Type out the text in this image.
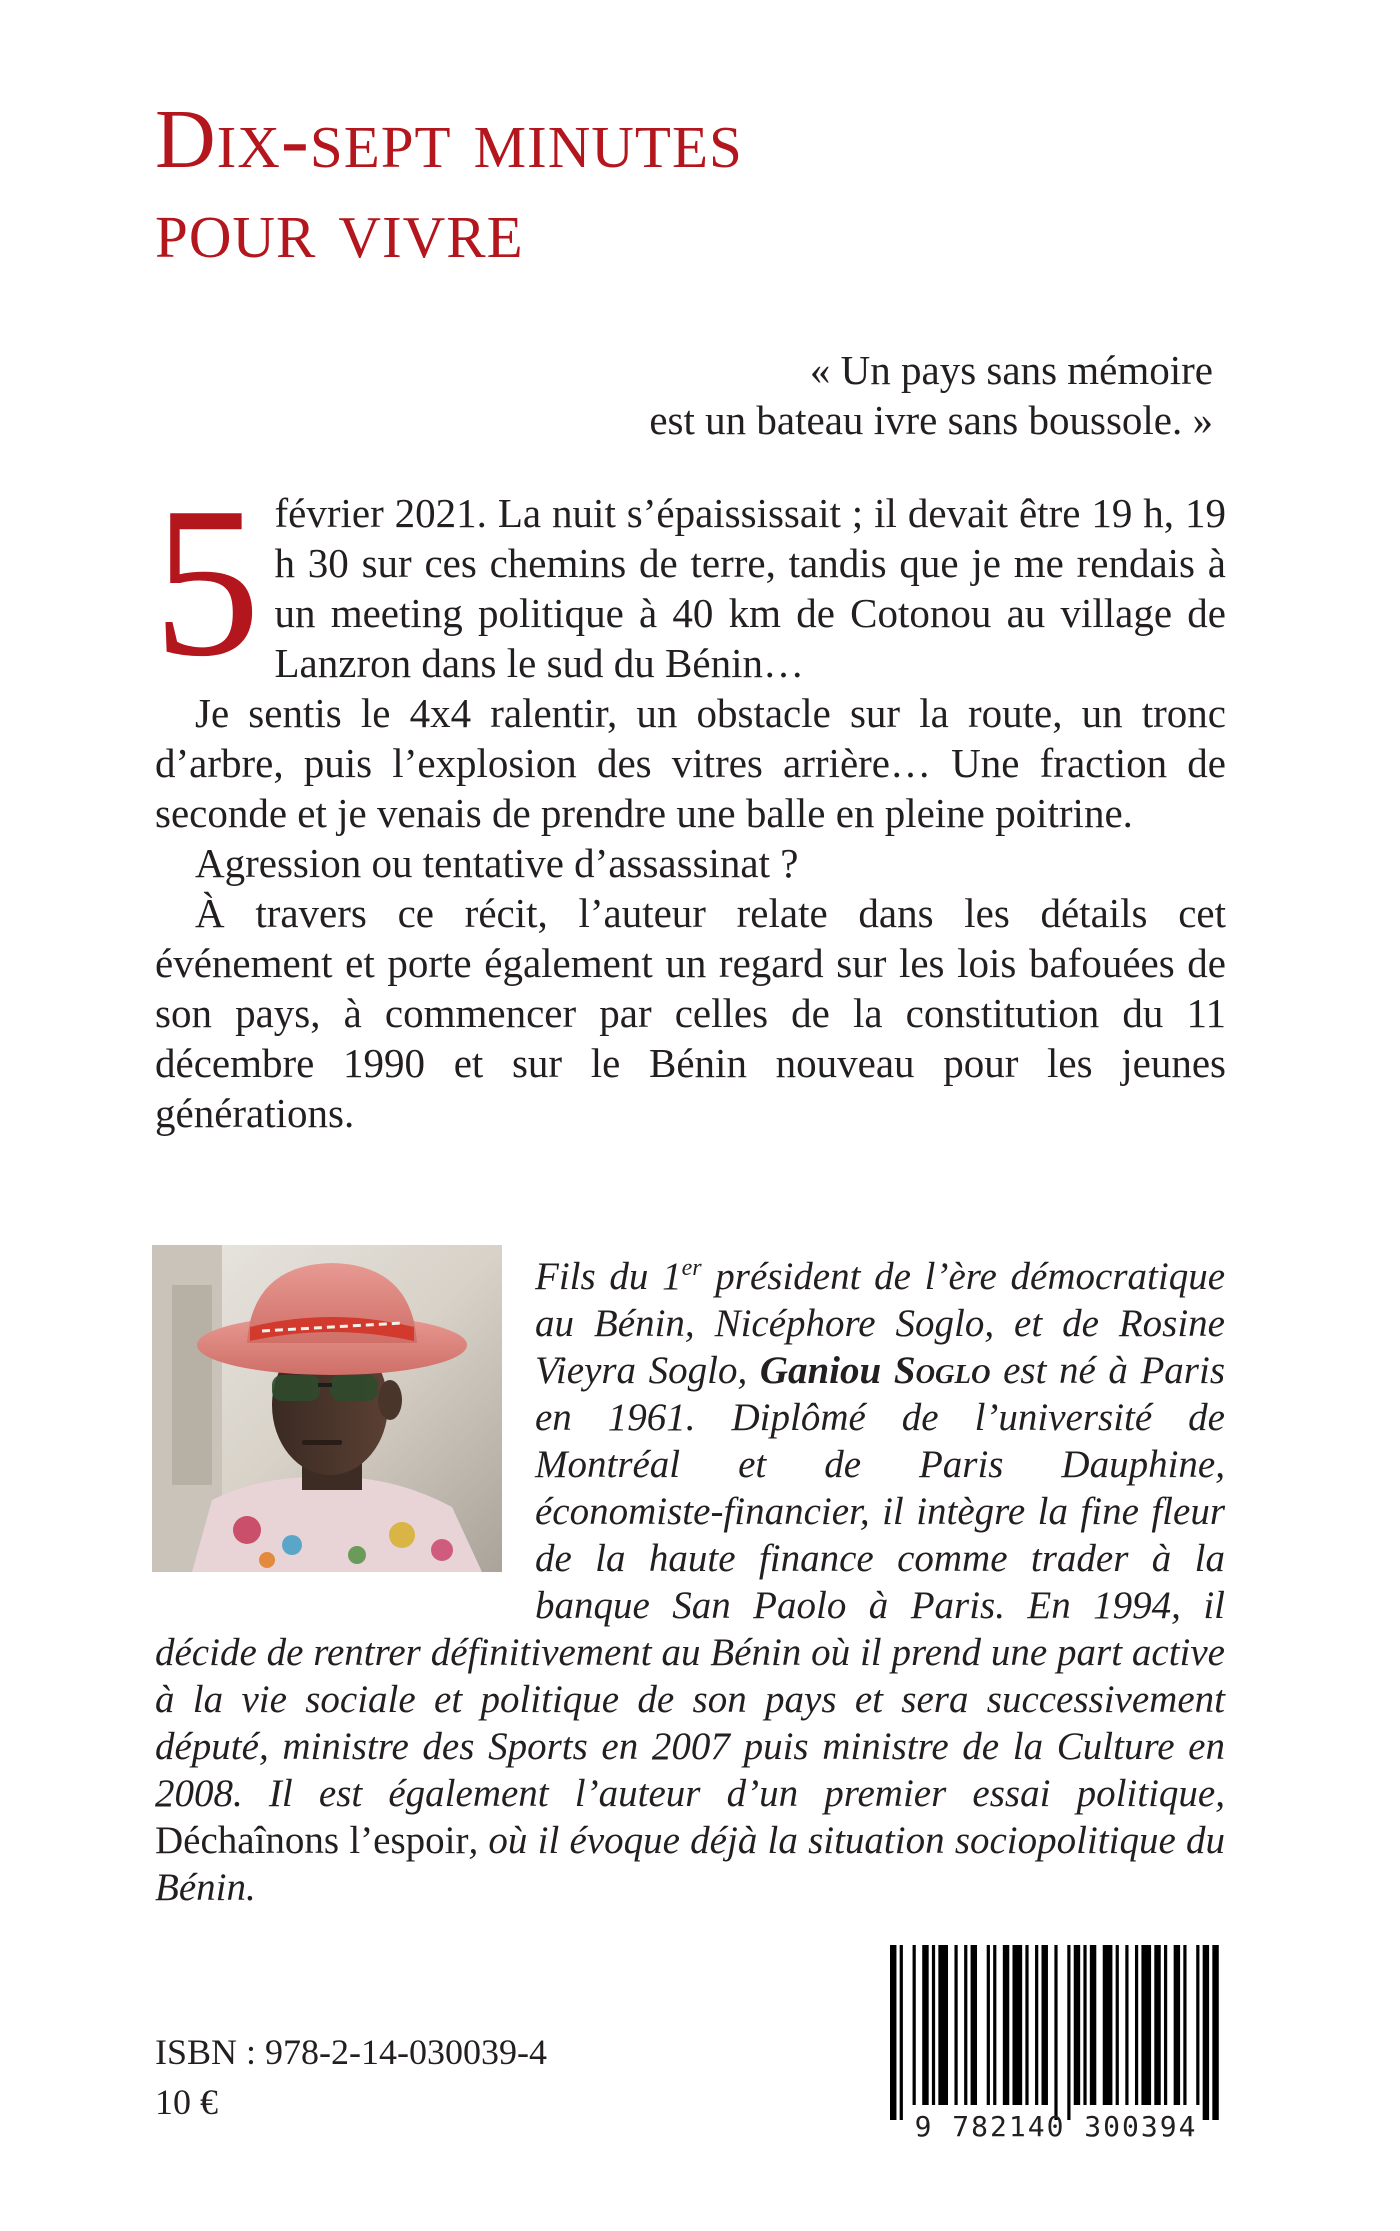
Dix-sept minutes
pour vivre
« Un pays sans mémoire
est un bateau ivre sans boussole. »

5 février 2021. La nuit s’épaississait ; il devait être 19 h, 19 h 30 sur ces chemins de terre, tandis que je me rendais à un meeting politique à 40 km de Cotonou au village de Lanzron dans le sud du Bénin…

Je sentis le 4x4 ralentir, un obstacle sur la route, un tronc d’arbre, puis l’explosion des vitres arrière… Une fraction de seconde et je venais de prendre une balle en pleine poitrine.

Agression ou tentative d’assassinat ?

À travers ce récit, l’auteur relate dans les détails cet événement et porte également un regard sur les lois bafouées de son pays, à commencer par celles de la constitution du 11 décembre 1990 et sur le Bénin nouveau pour les jeunes générations.

Fils du 1er président de l’ère démocratique au Bénin, Nicéphore Soglo, et de Rosine Vieyra Soglo, Ganiou Soglo est né à Paris en 1961. Diplômé de l’université de Montréal et de Paris Dauphine, économiste-financier, il intègre la fine fleur de la haute finance comme trader à la banque San Paolo à Paris. En 1994, il décide de rentrer définitivement au Bénin où il prend une part active à la vie sociale et politique de son pays et sera successivement député, ministre des Sports en 2007 puis ministre de la Culture en 2008. Il est également l’auteur d’un premier essai politique, Déchaînons l’espoir, où il évoque déjà la situation sociopolitique du Bénin.

ISBN : 978-2-14-030039-4
10 €
9 782140 300394
